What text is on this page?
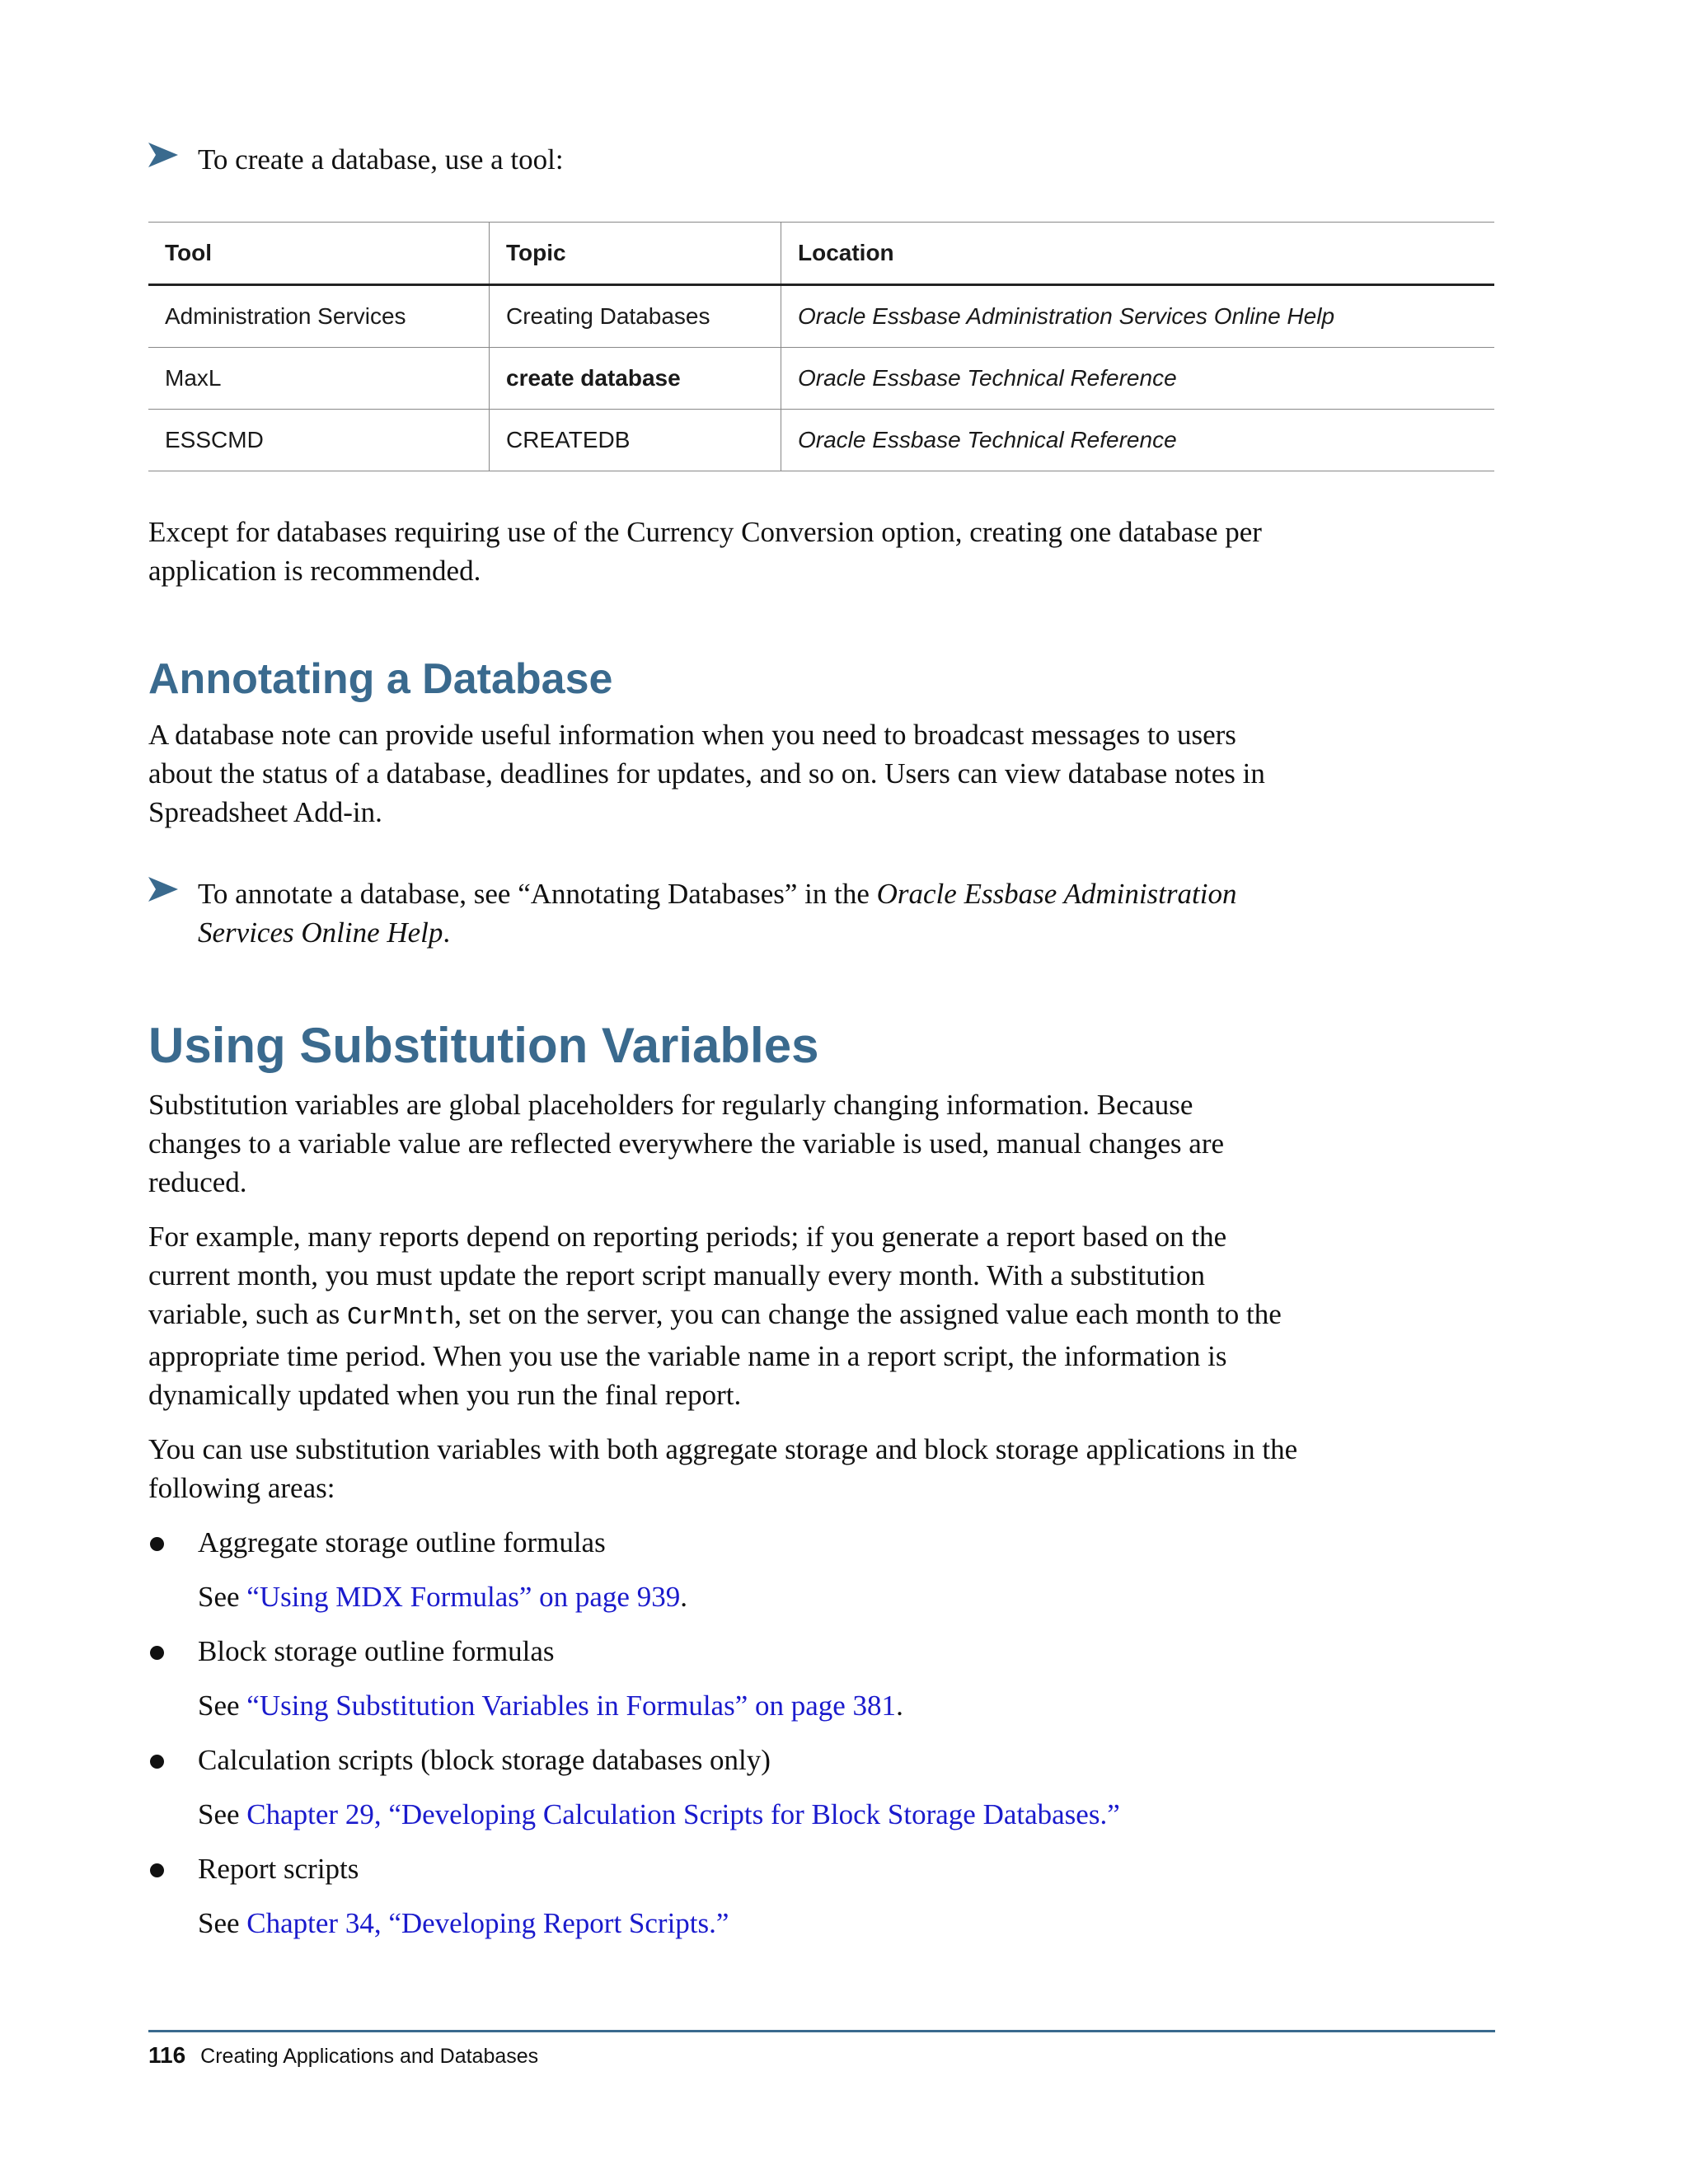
To create a database, use a tool:
Tool	Topic	Location
Administration Services	Creating Databases	Oracle Essbase Administration Services Online Help
MaxL	create database	Oracle Essbase Technical Reference
ESSCMD	CREATEDB	Oracle Essbase Technical Reference

Except for databases requiring use of the Currency Conversion option, creating one database per application is recommended.

Annotating a Database

A database note can provide useful information when you need to broadcast messages to users about the status of a database, deadlines for updates, and so on. Users can view database notes in Spreadsheet Add-in.

To annotate a database, see “Annotating Databases” in the Oracle Essbase Administration Services Online Help.
Using Substitution Variables

Substitution variables are global placeholders for regularly changing information. Because changes to a variable value are reflected everywhere the variable is used, manual changes are reduced.

For example, many reports depend on reporting periods; if you generate a report based on the current month, you must update the report script manually every month. With a substitution variable, such as CurMnth, set on the server, you can change the assigned value each month to the appropriate time period. When you use the variable name in a report script, the information is dynamically updated when you run the final report.

You can use substitution variables with both aggregate storage and block storage applications in the following areas:

Aggregate storage outline formulas
See “Using MDX Formulas” on page 939.
Block storage outline formulas
See “Using Substitution Variables in Formulas” on page 381.
Calculation scripts (block storage databases only)
See Chapter 29, “Developing Calculation Scripts for Block Storage Databases.”
Report scripts
See Chapter 34, “Developing Report Scripts.”
116 Creating Applications and Databases
